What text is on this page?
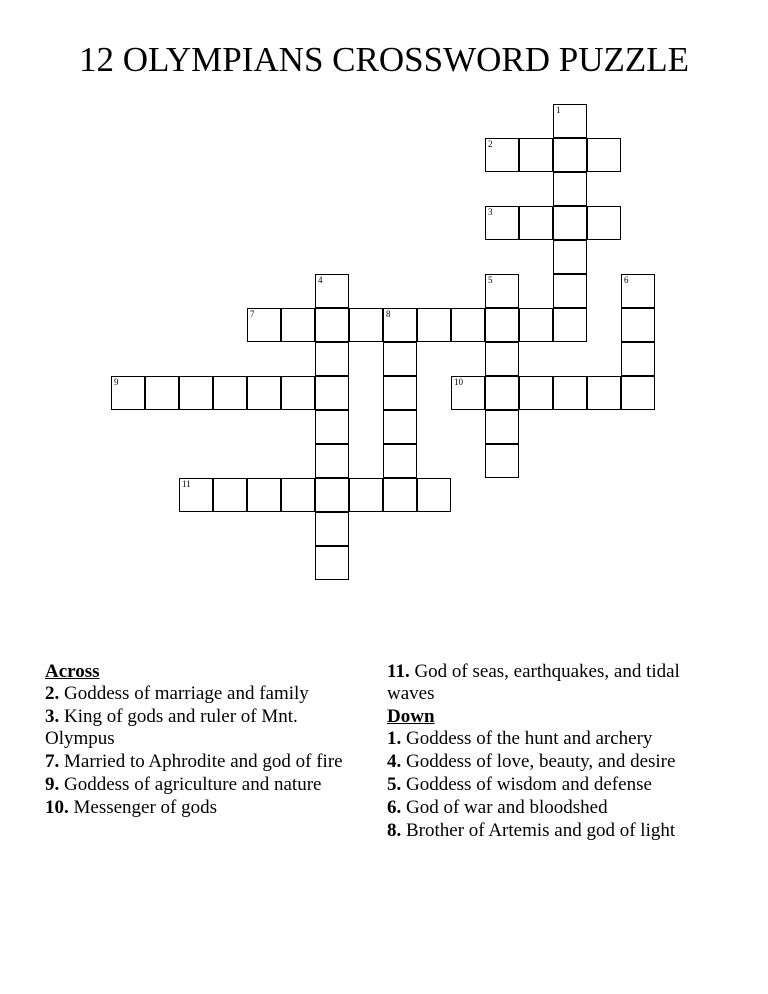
12 OLYMPIANS CROSSWORD PUZZLE
2
3
7	8
9	10
11
1
4	5	6

Across

2. Goddess of marriage and family

3. King of gods and ruler of Mnt. Olympus

7. Married to Aphrodite and god of fire

9. Goddess of agriculture and nature

10. Messenger of gods

11. God of seas, earthquakes, and tidal waves

Down

1. Goddess of the hunt and archery

4. Goddess of love, beauty, and desire

5. Goddess of wisdom and defense

6. God of war and bloodshed

8. Brother of Artemis and god of light
